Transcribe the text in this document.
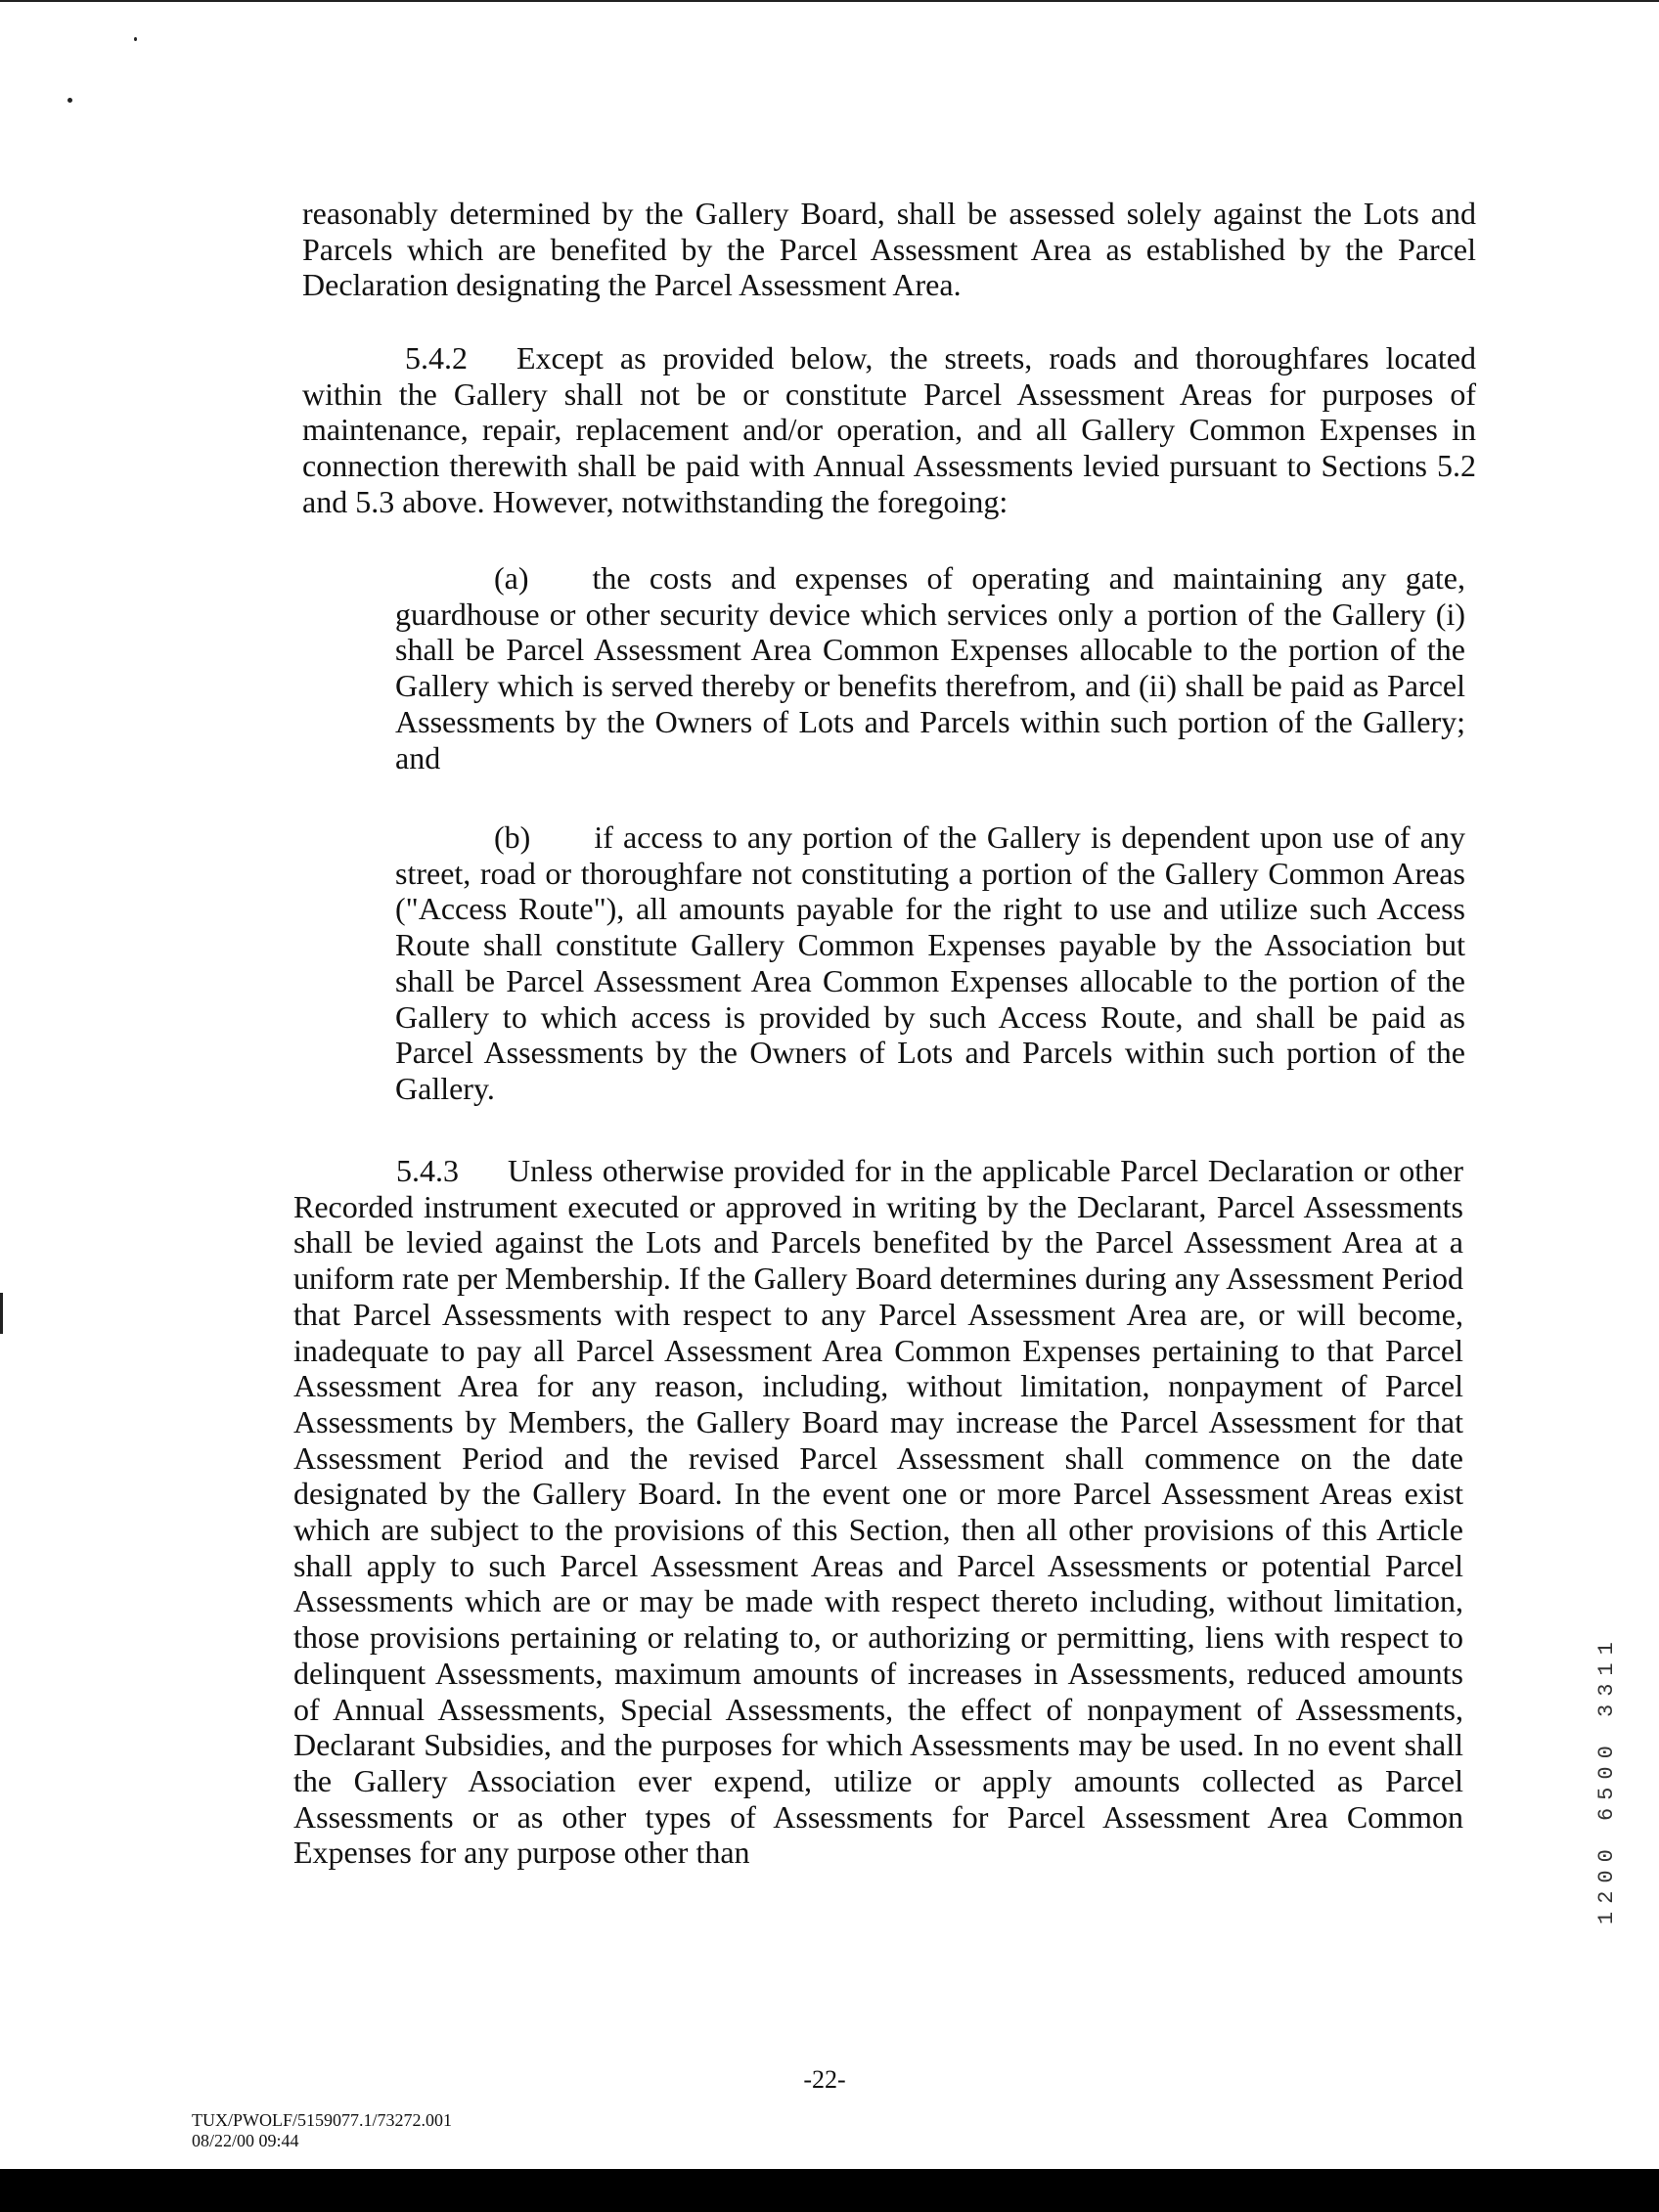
reasonably determined by the Gallery Board, shall be assessed solely against the Lots and Parcels which are benefited by the Parcel Assessment Area as established by the Parcel Declaration designating the Parcel Assessment Area.

5.4.2 Except as provided below, the streets, roads and thoroughfares located within the Gallery shall not be or constitute Parcel Assessment Areas for purposes of maintenance, repair, replacement and/or operation, and all Gallery Common Expenses in connection therewith shall be paid with Annual Assessments levied pursuant to Sections 5.2 and 5.3 above. However, notwithstanding the foregoing:

(a) the costs and expenses of operating and maintaining any gate, guardhouse or other security device which services only a portion of the Gallery (i) shall be Parcel Assessment Area Common Expenses allocable to the portion of the Gallery which is served thereby or benefits therefrom, and (ii) shall be paid as Parcel Assessments by the Owners of Lots and Parcels within such portion of the Gallery; and

(b) if access to any portion of the Gallery is dependent upon use of any street, road or thoroughfare not constituting a portion of the Gallery Common Areas ("Access Route"), all amounts payable for the right to use and utilize such Access Route shall constitute Gallery Common Expenses payable by the Association but shall be Parcel Assessment Area Common Expenses allocable to the portion of the Gallery to which access is provided by such Access Route, and shall be paid as Parcel Assessments by the Owners of Lots and Parcels within such portion of the Gallery.

5.4.3 Unless otherwise provided for in the applicable Parcel Declaration or other Recorded instrument executed or approved in writing by the Declarant, Parcel Assessments shall be levied against the Lots and Parcels benefited by the Parcel Assessment Area at a uniform rate per Membership. If the Gallery Board determines during any Assessment Period that Parcel Assessments with respect to any Parcel Assessment Area are, or will become, inadequate to pay all Parcel Assessment Area Common Expenses pertaining to that Parcel Assessment Area for any reason, including, without limitation, nonpayment of Parcel Assessments by Members, the Gallery Board may increase the Parcel Assessment for that Assessment Period and the revised Parcel Assessment shall commence on the date designated by the Gallery Board. In the event one or more Parcel Assessment Areas exist which are subject to the provisions of this Section, then all other provisions of this Article shall apply to such Parcel Assessment Areas and Parcel Assessments or potential Parcel Assessments which are or may be made with respect thereto including, without limitation, those provisions pertaining or relating to, or authorizing or permitting, liens with respect to delinquent Assessments, maximum amounts of increases in Assessments, reduced amounts of Annual Assessments, Special Assessments, the effect of nonpayment of Assessments, Declarant Subsidies, and the purposes for which Assessments may be used. In no event shall the Gallery Association ever expend, utilize or apply amounts collected as Parcel Assessments or as other types of Assessments for Parcel Assessment Area Common Expenses for any purpose other than

-22-
TUX/PWOLF/5159077.1/73272.001
08/22/00 09:44
1200 6500 3311
